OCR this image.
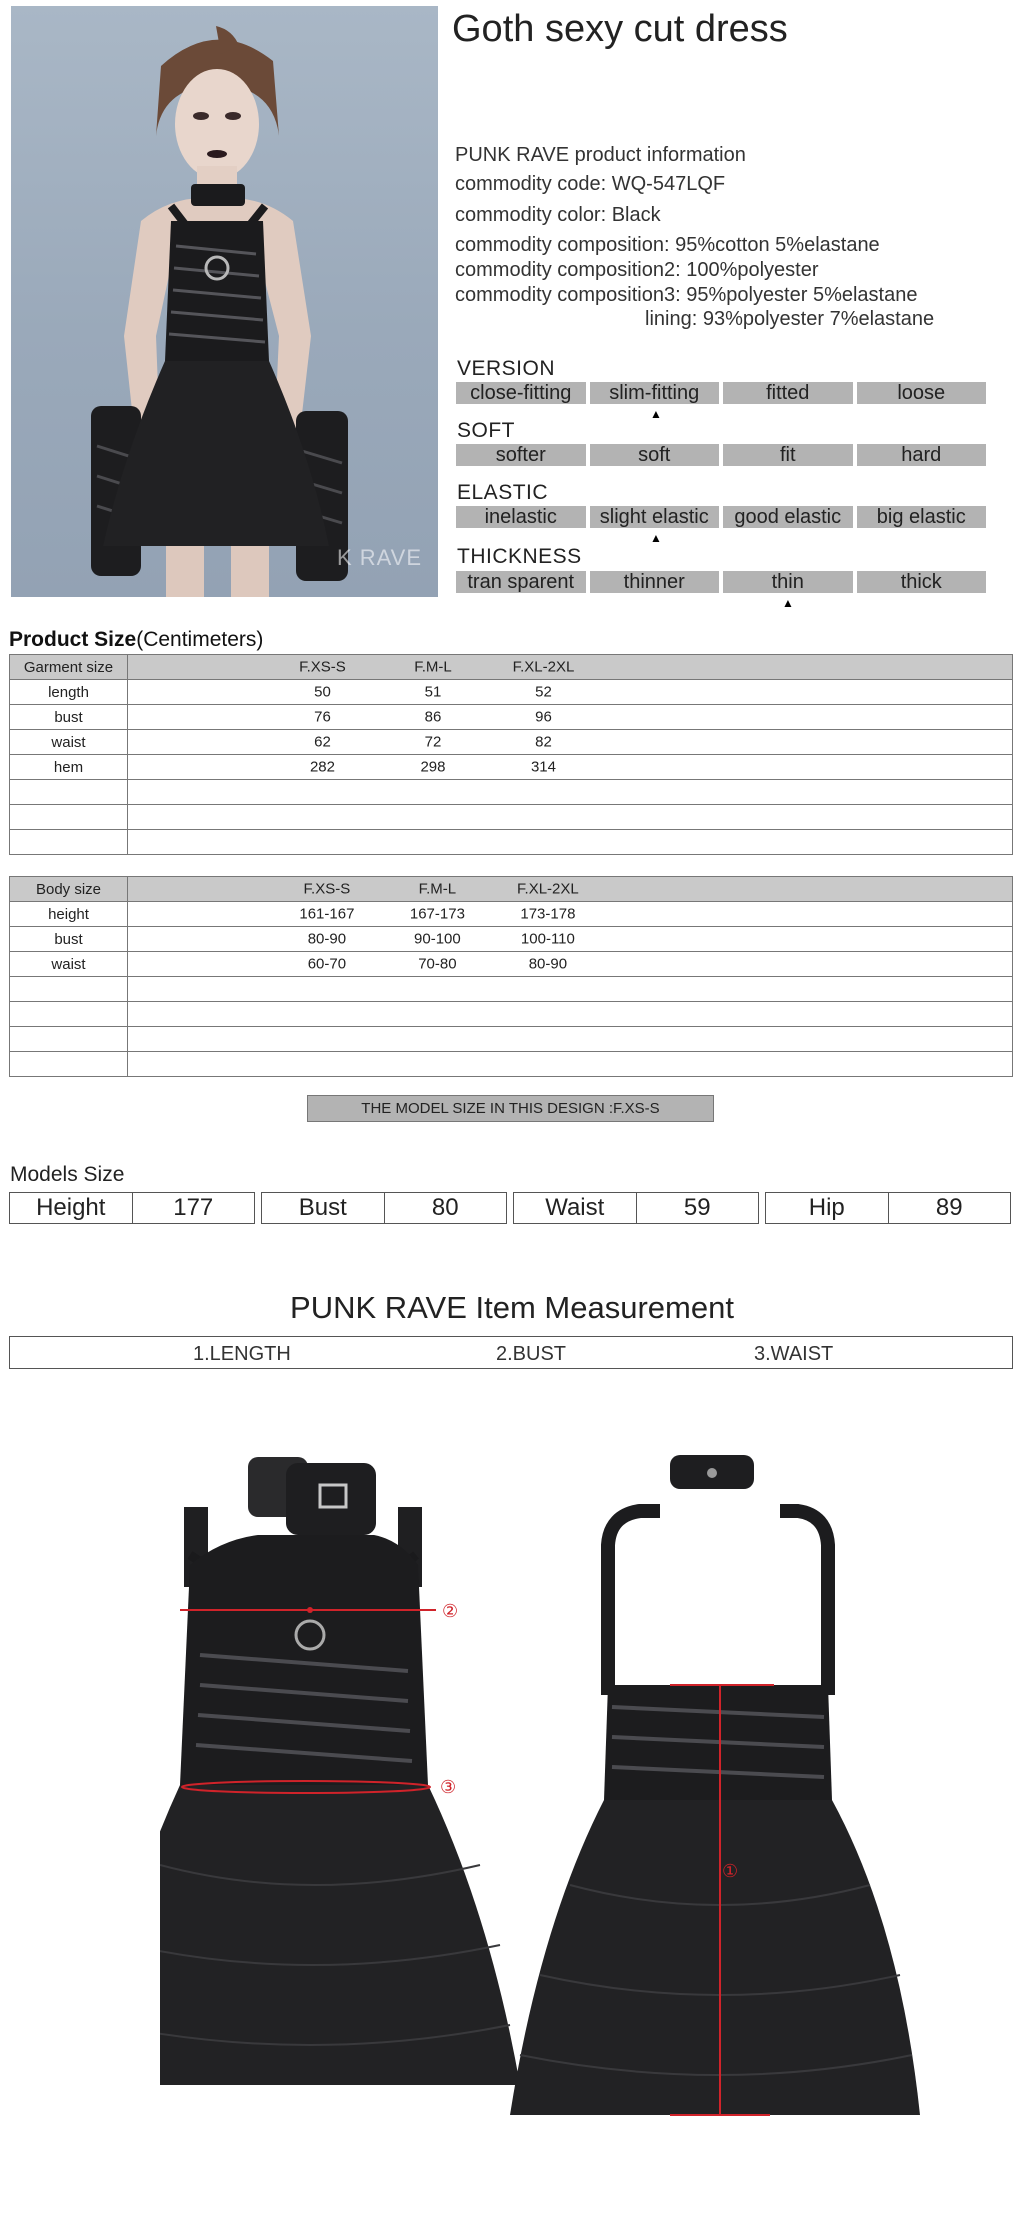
K RAVE
Goth sexy cut dress
PUNK RAVE product information
commodity code: WQ-547LQF
commodity color: Black
commodity composition: 95%cotton 5%elastane
commodity composition2: 100%polyester
commodity composition3: 95%polyester 5%elastane
lining: 93%polyester 7%elastane
VERSION
close-fitting	slim-fitting	fitted	loose
▲
SOFT
softer	soft	fit	hard
ELASTIC
inelastic	slight elastic	good elastic	big elastic
▲
THICKNESS
tran sparent	thinner	thin	thick
▲
Product Size(Centimeters)
Garment size	F.XS-S F.M-L F.XL-2XL

length	50 51 52

bust	76 86 96

waist	62 72 82

hem	282 298 314

Body size	F.XS-S F.M-L F.XL-2XL

height	161-167 167-173 173-178

bust	80-90 90-100 100-110

waist	60-70 70-80 80-90

THE MODEL SIZE IN THIS DESIGN :F.XS-S
Models Size
Height	177	Bust	80	Waist	59	Hip	89
PUNK RAVE Item Measurement
1.LENGTH	2.BUST	3.WAIST
②
③
①
